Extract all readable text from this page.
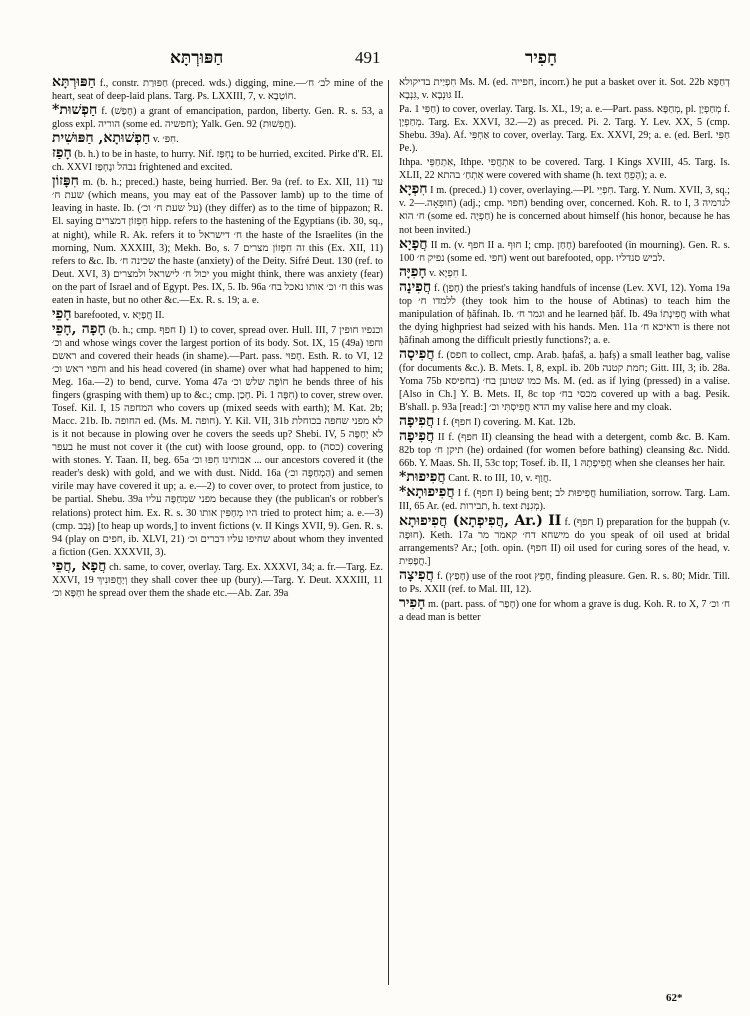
חַפּוּרְתָּא	491	חָפִיר

חַפּוּרְתָּא f., constr. חַפּוּרַת (preced. wds.) digging, mine.—לב׳ ח׳ mine of the heart, seat of deep-laid plans. Targ. Ps. LXXIII, 7, v. חוֹטְבָא.

*חַפְשׁוּת f. (חָפַשׁ) a grant of emancipation, pardon, liberty. Gen. R. s. 53, a gloss expl. הוריה (some ed. חפשיה); Yalk. Gen. 92 (חֲפִשׁוּת).

חַפְשׁוּתָא, חַפּוּשִׁית v. חִפּ׳.

חָפַז (b. h.) to be in haste, to hurry. Nif. נֶחְפַּז to be hurried, excited. Pirke d'R. El. ch. XXVI נבהל ונֶחְפַּז frightened and excited.

חִפָּזוֹן m. (b. h.; preced.) haste, being hurried. Ber. 9a (ref. to Ex. XII, 11) עד שעת ח׳ (which means, you may eat of the Passover lamb) up to the time of leaving in haste. Ib. (על שעת ח׳ וכ׳) (they differ) as to the time of ḥippazon; R. El. saying חִפְזוֹן דמצרים hipp. refers to the hastening of the Egyptians (ib. 30, sq., at night), while R. Ak. refers it to ח׳ דישראל the haste of the Israelites (in the morning, Num. XXXIII, 3); Mekh. Bo, s. 7 זה חִפְזוֹן מצרים this (Ex. XII, 11) refers to &c. Ib. שכינה ח׳ the haste (anxiety) of the Deity. Sifré Deut. 130 (ref. to Deut. XVI, 3) יכול ח׳ לישראל ולמצרים you might think, there was anxiety (fear) on the part of Israel and of Egypt. Pes. IX, 5. Ib. 96a ח׳ וכ׳ אותו נאכל בח׳ this was eaten in haste, but no other &c.—Ex. R. s. 19; a. e.

חָפֵי barefooted, v. חֲפָיָא II.

חָפָה ,חָפֵי (b. h.; cmp. חפף I) 1) to cover, spread over. Hull. III, 7 וכנפיו חופין וכ׳ and whose wings cover the largest portion of its body. Sot. IX, 15 (49a) וחפו ראשם and covered their heads (in shame).—Part. pass. חָפוּי. Esth. R. to VI, 12 וחפוי ראש וכ׳ and his head covered (in shame) over what had happened to him; Meg. 16a.—2) to bend, curve. Yoma 47a חוֹפָה שלש וכ׳ he bends three of his fingers (grasping with them) up to &c.; cmp. חָכַן. Pi. חִפָּה 1) to cover, strew over. Tosef. Kil. I, 15 המחפה who covers up (mixed seeds with earth); M. Kat. 2b; Macc. 21b. Ib. החופה ed. (Ms. M. חופה). Y. Kil. VII, 31b לא מפני שחפה בכוחלת is it not because in plowing over he covers the seeds up? Shebi. IV, 5 לא יְחַפֶּה בעפר he must not cover it (the cut) with loose ground, opp. to (כסה) covering with stones. Y. Taan. II, beg. 65a אבותינו חִפּוּ וכ׳ ... our ancestors covered it (the reader's desk) with gold, and we with dust. Nidd. 16a (הַמְחַפֶּה וכ׳) and semen virile may have covered it up; a. e.—2) to cover over, to protect from justice, to be partial. Shebu. 39a מפני שמְחַפֶּה עליו because they (the publican's or robber's relations) protect him. Ex. R. s. 30 היו מְחַפִּין אותו tried to protect him; a. e.—3) (cmp. גָּבַב) [to heap up words,] to invent fictions (v. II Kings XVII, 9). Gen. R. s. 94 (play on חפים, ib. XLVI, 21) שחיפו עליו דברים וכ׳ about whom they invented a fiction (Gen. XXXVII, 3).

חֲפָא ,חֲפֵי ch. same, to cover, overlay. Targ. Ex. XXXVI, 34; a. fr.—Targ. Ez. XXVI, 19 וְיַחֲפּוּנִיךְ they shall cover thee up (bury).—Targ. Y. Deut. XXXIII, 11 וחַפָּא וכ׳ he spread over them the shade etc.—Ab. Zar. 39a

חִפְיַית בדיקולא Ms. M. (ed. חפייה, incorr.) he put a basket over it. Sot. 22b דְחַפָּא גִּנְבָא, v. גּוּנְבָא II.

Pa. חַפִּי 1) to cover, overlay. Targ. Is. XL, 19; a. e.—Part. pass. מְחַפָּא, pl. מְחַפְיָן f. מְחַפְיָן. Targ. Ex. XXVI, 32.—2) as preced. Pi. 2. Targ. Y. Lev. XX, 5 (cmp. Shebu. 39a). Af. אַחְפִּי to cover, overlay. Targ. Ex. XXVI, 29; a. e. (ed. Berl. חַפִּי Pe.).

Ithpa. אִתְחַפֵּי, Ithpe. אִתְחֲפִי to be covered. Targ. I Kings XVIII, 45. Targ. Is. XLII, 22 אִתְחַ׳ בהתא were covered with shame (h. text הָפֵחַ); a. e.

חִפְיָא I m. (preced.) 1) cover, overlaying.—Pl. חִפְיֵי. Targ. Y. Num. XVII, 3, sq.; v. חוּפְאָה.—2) (adj.; cmp. חפוי) bending over, concerned. Koh. R. to I, 3 לגרמיה ח׳ הוא (some ed. חַפְיָה) he is concerned about himself (his honor, because he has not been invited.)

חֲפָיָא II m. (v. חפף II a. חוּף I; cmp. חָחַן) barefooted (in mourning). Gen. R. s. 100 נפיק ח׳ (some ed. חפי) went out barefooted, opp. לביש סנדליו.

חָפִיָּה v. חִפְיָא I.

חֲפִינָה f. (חָפַן) the priest's taking handfuls of incense (Lev. XVI, 12). Yoma 19a top ללמדו ח׳ (they took him to the house of Abtinas) to teach him the manipulation of ḥăfinah. Ib. וגמר ח׳ and he learned ḥăf. Ib. 49a חֲפִינָתוֹ with what the dying highpriest had seized with his hands. Men. 11a ודאיכא ח׳ is there not ḥăfinah among the difficult priestly functions?; a. e.

חֲפִיסָה f. (חפס to collect, cmp. Arab. ḥafaš, a. ḥafṣ) a small leather bag, valise (for documents &c.). B. Mets. I, 8, expl. ib. 20b חמת קטנה; Gitt. III, 3; ib. 28a. Yoma 75b כמו שטוען בח׳ (בחפיסא Ms. M. (ed. as if lying (pressed) in a valise. [Also in Ch.] Y. B. Mets. II, 8c top מכסי בח׳ covered up with a bag. Pesik. B'shall. p. 93a [read:] הדא חֲפִיסְתִּי וכ׳ my valise here and my cloak.

חֲפִיפָה I f. (חפף I) covering. M. Kat. 12b.

חֲפִיפָה II f. (חפף II) cleansing the head with a detergent, comb &c. B. Kam. 82b top תיקן ח׳ (he) ordained (for women before bathing) cleansing &c. Nidd. 66b. Y. Maas. Sh. II, 53c top; Tosef. ib. II, 1 חֲפִיפָתָהּ when she cleanses her hair.

*חֲפִיפוּת Cant. R. to III, 10, v. חֲוַף.

*חֲפִיפוּתָא I f. (חפף I) being bent; חֲפִיפוּת לב humiliation, sorrow. Targ. Lam. III, 65 Ar. (ed. תבירות, h. text מְגִנַּת).

חֲפִיפוּתָא (חֲפִיפְתָא, Ar.) II f. (חפף I) preparation for the ḥuppah (v. חוּפָה). Keth. 17a מישחא דח׳ קאמר מר do you speak of oil used at bridal arrangements? Ar.; [oth. opin. (חפף II) oil used for curing sores of the head, v. חֲפָפִית.]

חֲפִיצָה f. (חָפַץ) use of the root חָפֵץ, finding pleasure. Gen. R. s. 80; Midr. Till. to Ps. XXII (ref. to Mal. III, 12).

חָפִיר m. (part. pass. of חָפַר) one for whom a grave is dug. Koh. R. to X, 7 ח׳ וכ׳ a dead man is better

62*
